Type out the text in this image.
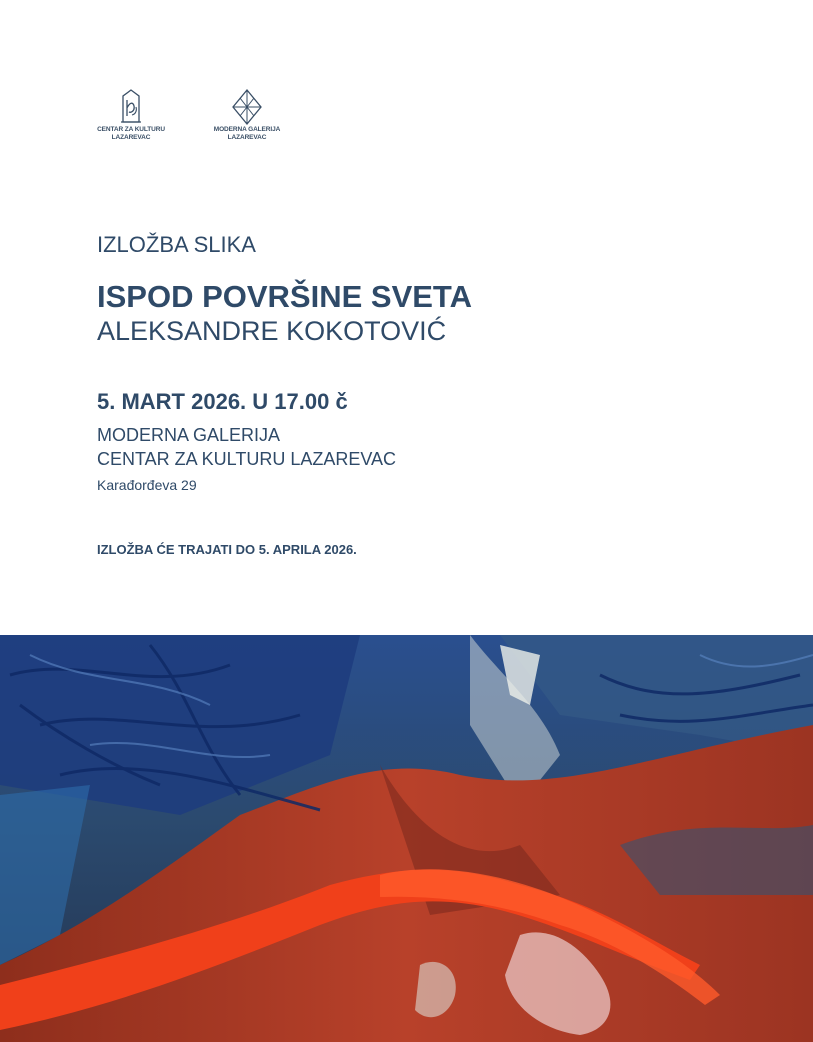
CENTAR ZA KULTURU
LAZAREVAC
MODERNA GALERIJA
LAZAREVAC
IZLOŽBA SLIKA
ISPOD POVRŠINE SVETA
ALEKSANDRE KOKOTOVIĆ
5. MART 2026. U 17.00 č
MODERNA GALERIJA
CENTAR ZA KULTURU LAZAREVAC
Karađorđeva 29
IZLOŽBA ĆE TRAJATI DO 5. APRILA 2026.
